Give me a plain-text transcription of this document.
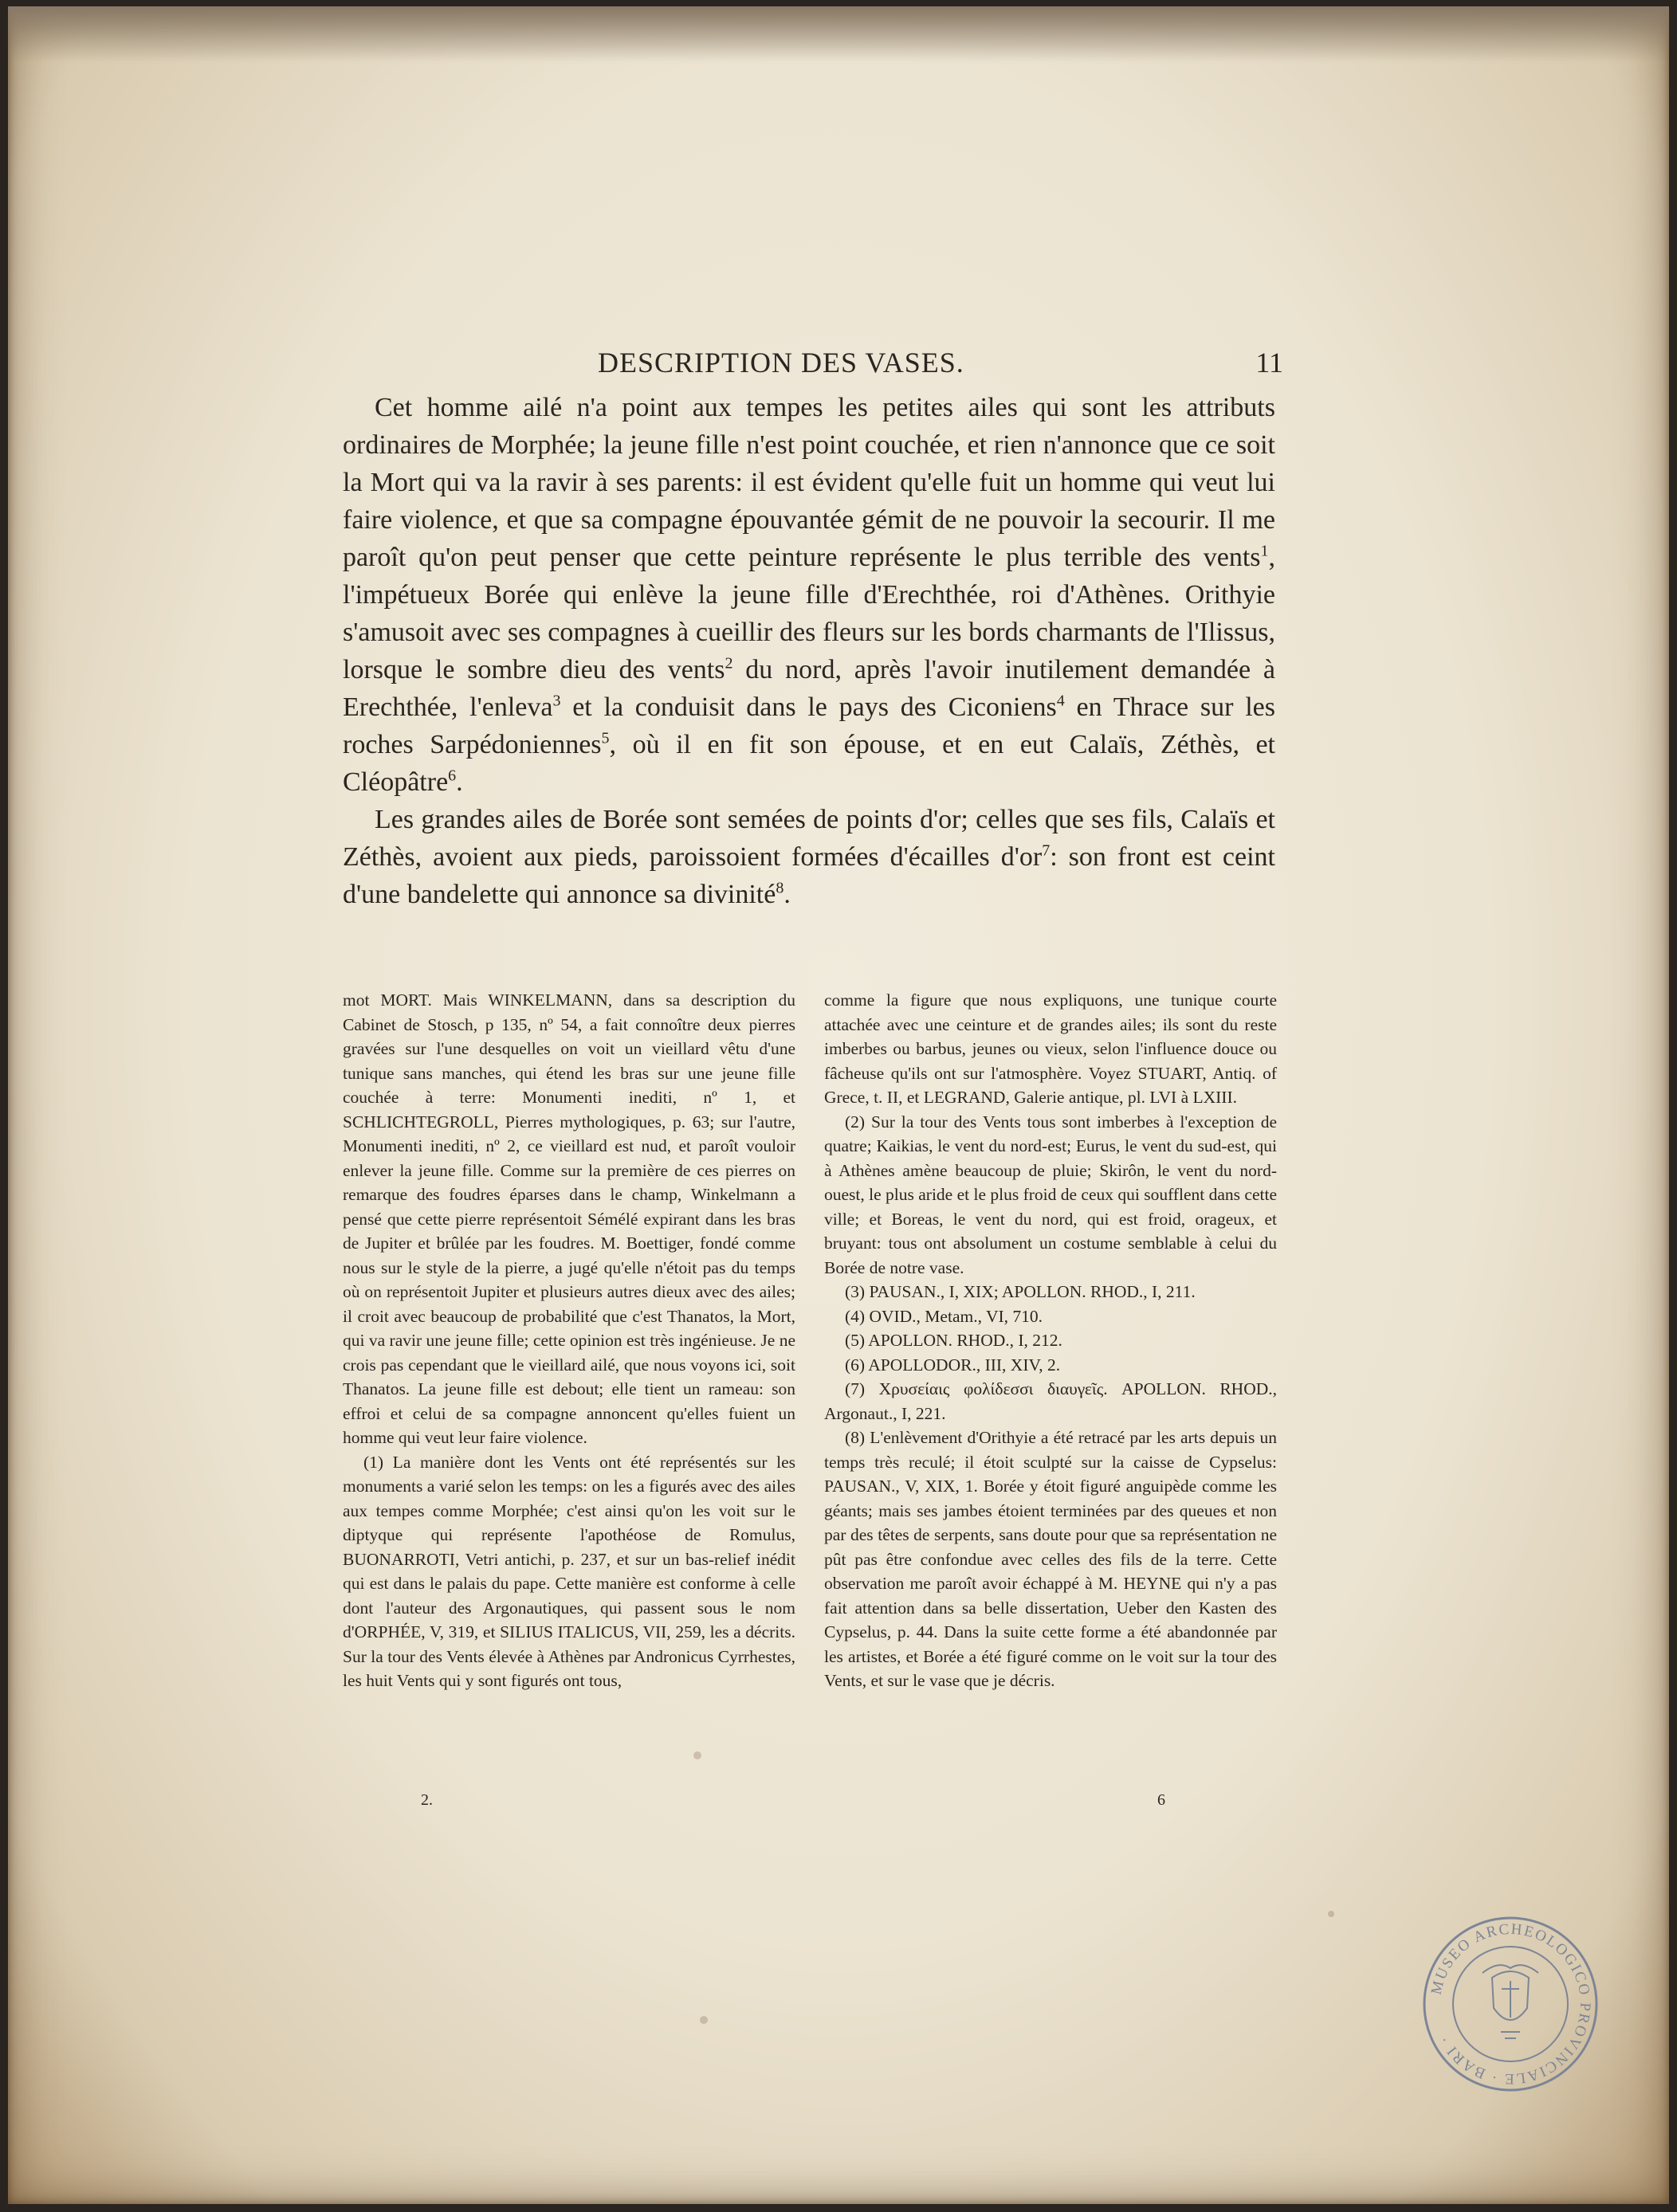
DESCRIPTION DES VASES.	11

Cet homme ailé n'a point aux tempes les petites ailes qui sont les attributs ordinaires de Morphée; la jeune fille n'est point couchée, et rien n'annonce que ce soit la Mort qui va la ravir à ses parents: il est évident qu'elle fuit un homme qui veut lui faire violence, et que sa compagne épouvantée gémit de ne pouvoir la secourir. Il me paroît qu'on peut penser que cette peinture représente le plus terrible des vents$^1$, l'impétueux Borée qui enlève la jeune fille d'Erechthée, roi d'Athènes. Orithyie s'amusoit avec ses compagnes à cueillir des fleurs sur les bords charmants de l'Ilissus, lorsque le sombre dieu des vents$^2$ du nord, après l'avoir inutilement demandée à Erechthée, l'enleva$^3$ et la conduisit dans le pays des Ciconiens$^4$ en Thrace sur les roches Sarpédoniennes$^5$, où il en fit son épouse, et en eut Calaïs, Zéthès, et Cléopâtre$^6$.

Les grandes ailes de Borée sont semées de points d'or; celles que ses fils, Calaïs et Zéthès, avoient aux pieds, paroissoient formées d'écailles $d'or^7$: son front est ceint d'une bandelette qui annonce sa divinité$^8$.

mot MORT. Mais WINKELMANN, dans sa description du Cabinet de Stosch, p 135, nº 54, a fait connoître deux pierres gravées sur l'une desquelles on voit un vieillard vêtu d'une tunique sans manches, qui étend les bras sur une jeune fille couchée à terre: Monumenti inediti, nº 1, et SCHLICHTEGROLL, Pierres mythologiques, p. 63; sur l'autre, Monumenti inediti, nº 2, ce vieillard est nud, et paroît vouloir enlever la jeune fille. Comme sur la première de ces pierres on remarque des foudres éparses dans le champ, Winkelmann a pensé que cette pierre représentoit Sémélé expirant dans les bras de Jupiter et brûlée par les foudres. M. Boettiger, fondé comme nous sur le style de la pierre, a jugé qu'elle n'étoit pas du temps où on représentoit Jupiter et plusieurs autres dieux avec des ailes; il croit avec beaucoup de probabilité que c'est Thanatos, la Mort, qui va ravir une jeune fille; cette opinion est très ingénieuse. Je ne crois pas cependant que le vieillard ailé, que nous voyons ici, soit Thanatos. La jeune fille est debout; elle tient un rameau: son effroi et celui de sa compagne annoncent qu'elles fuient un homme qui veut leur faire violence.

(1) La manière dont les Vents ont été représentés sur les monuments a varié selon les temps: on les a figurés avec des ailes aux tempes comme Morphée; c'est ainsi qu'on les voit sur le diptyque qui représente l'apothéose de Romulus, BUONARROTI, Vetri antichi, p. 237, et sur un bas-relief inédit qui est dans le palais du pape. Cette manière est conforme à celle dont l'auteur des Argonautiques, qui passent sous le nom d'ORPHÉE, V, 319, et SILIUS ITALICUS, VII, 259, les a décrits. Sur la tour des Vents élevée à Athènes par Andronicus Cyrrhestes, les huit Vents qui y sont figurés ont tous,

comme la figure que nous expliquons, une tunique courte attachée avec une ceinture et de grandes ailes; ils sont du reste imberbes ou barbus, jeunes ou vieux, selon l'influence douce ou fâcheuse qu'ils ont sur l'atmosphère. Voyez STUART, Antiq. of Grece, t. II, et LEGRAND, Galerie antique, pl. LVI à LXIII.

(2) Sur la tour des Vents tous sont imberbes à l'exception de quatre; Kaikias, le vent du nord-est; Eurus, le vent du sud-est, qui à Athènes amène beaucoup de pluie; Skirôn, le vent du nord-ouest, le plus aride et le plus froid de ceux qui soufflent dans cette ville; et Boreas, le vent du nord, qui est froid, orageux, et bruyant: tous ont absolument un costume semblable à celui du Borée de notre vase.

(3) PAUSAN., I, XIX; APOLLON. RHOD., I, 211.

(4) OVID., Metam., VI, 710.

(5) APOLLON. RHOD., I, 212.

(6) APOLLODOR., III, XIV, 2.

(7) Χρυσείαις φολίδεσσι διαυγεῖς. APOLLON. RHOD., Argonaut., I, 221.

(8) L'enlèvement d'Orithyie a été retracé par les arts depuis un temps très reculé; il étoit sculpté sur la caisse de Cypselus: PAUSAN., V, XIX, 1. Borée y étoit figuré anguipède comme les géants; mais ses jambes étoient terminées par des queues et non par des têtes de serpents, sans doute pour que sa représentation ne pût pas être confondue avec celles des fils de la terre. Cette observation me paroît avoir échappé à M. HEYNE qui n'y a pas fait attention dans sa belle dissertation, Ueber den Kasten des Cypselus, p. 44. Dans la suite cette forme a été abandonnée par les artistes, et Borée a été figuré comme on le voit sur la tour des Vents, et sur le vase que je décris.

2.	6
MUSEO ARCHEOLOGICO PROVINCIALE · BARI ·
